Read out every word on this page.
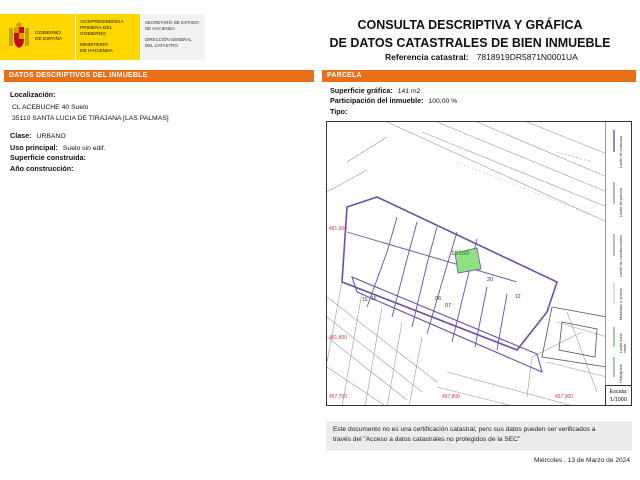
GOBIERNO
DE ESPAÑA
VICEPRESIDENCIA
PRIMERA DEL GOBIERNO
MINISTERIO
DE HACIENDA
SECRETARÍA DE ESTADO
DE HACIENDA
DIRECCIÓN GENERAL
DEL CATASTRO
CONSULTA DESCRIPTIVA Y GRÁFICA
DE DATOS CATASTRALES DE BIEN INMUEBLE
Referencia catastral: 7818919DR5871N0001UA
DATOS DESCRIPTIVOS DEL INMUEBLE	PARCELA
Localización:
CL ACEBUCHE 40 Suelo
35110 SANTA LUCIA DE TIRAJANA [LAS PALMAS]
Clase: URBANO
Uso principal: Suelo sin edif.
Superficie construida:
Año construcción:
Superficie gráfica: 141 m2
Participación del inmueble: 100,00 %
Tipo:
19180
481,900
481,800
457,700	457,800	457,900
06
07
20
12
15 16
Límite de manzana
Límite de parcela
Límite de construcciones
Mobiliario y aceras
Límite zona verde
Hidrografía
Escala:
1/1000
Este documento no es una certificación catastral, pero sus datos pueden ser verificados a
través del "Acceso a datos catastrales no protegidos de la SEC"
Miércoles , 13 de Marzo de 2024
